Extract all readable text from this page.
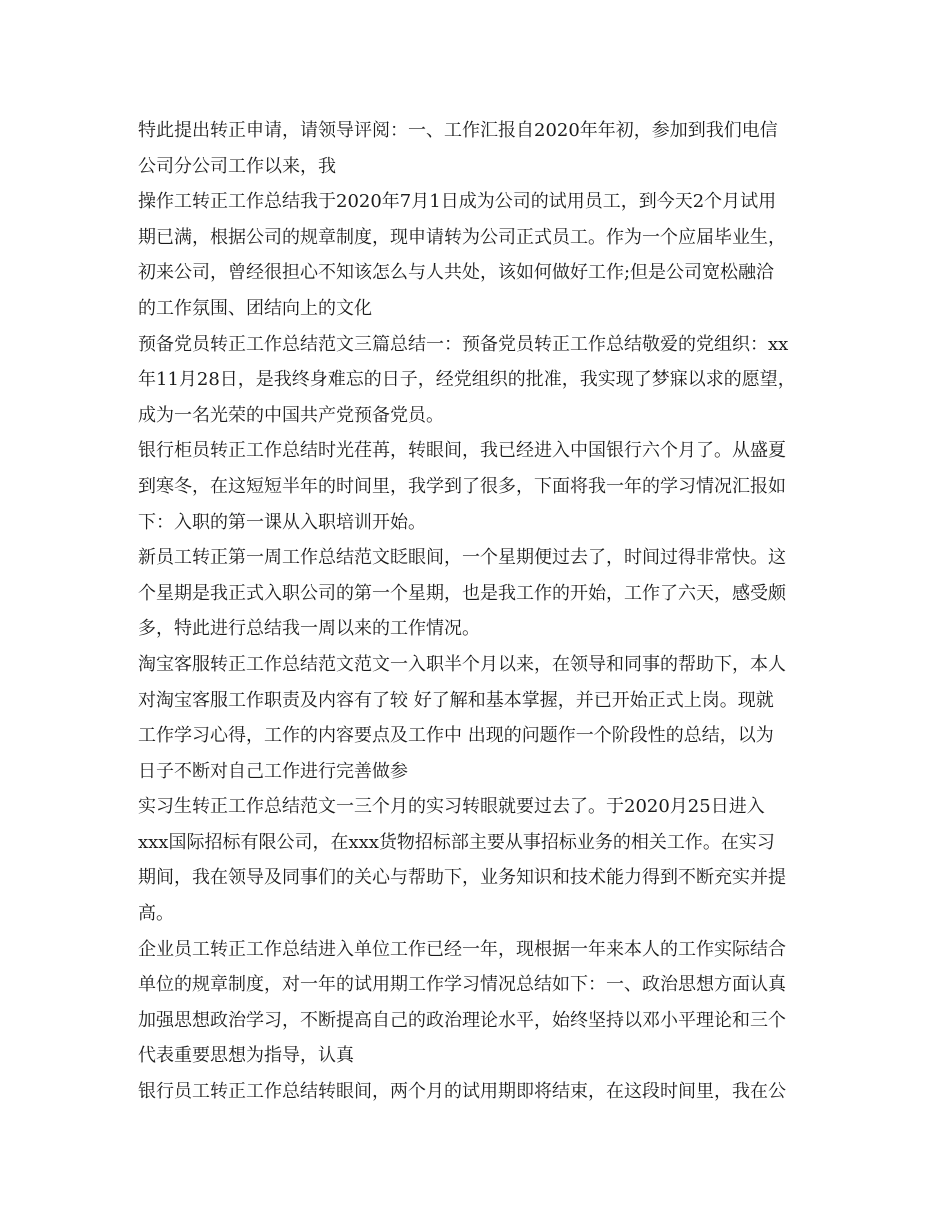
特此提出转正申请，请领导评阅：一、工作汇报自2020年年初，参加到我们电信
公司分公司工作以来，我
操作工转正工作总结我于2020年7月1日成为公司的试用员工，到今天2个月试用
期已满，根据公司的规章制度，现申请转为公司正式员工。作为一个应届毕业生，
初来公司，曾经很担心不知该怎么与人共处，该如何做好工作;但是公司宽松融洽
的工作氛围、团结向上的文化
预备党员转正工作总结范文三篇总结一：预备党员转正工作总结敬爱的党组织：xx
年11月28日，是我终身难忘的日子，经党组织的批准，我实现了梦寐以求的愿望，
成为一名光荣的中国共产党预备党员。
银行柜员转正工作总结时光荏苒，转眼间，我已经进入中国银行六个月了。从盛夏
到寒冬，在这短短半年的时间里，我学到了很多，下面将我一年的学习情况汇报如
下：入职的第一课从入职培训开始。
新员工转正第一周工作总结范文眨眼间，一个星期便过去了，时间过得非常快。这
个星期是我正式入职公司的第一个星期，也是我工作的开始，工作了六天，感受颇
多，特此进行总结我一周以来的工作情况。
淘宝客服转正工作总结范文范文一入职半个月以来，在领导和同事的帮助下，本人
对淘宝客服工作职责及内容有了较 好了解和基本掌握，并已开始正式上岗。现就
工作学习心得，工作的内容要点及工作中 出现的问题作一个阶段性的总结，以为
日子不断对自己工作进行完善做参
实习生转正工作总结范文一三个月的实习转眼就要过去了。于2020月25日进入
xxx国际招标有限公司，在xxx货物招标部主要从事招标业务的相关工作。在实习
期间，我在领导及同事们的关心与帮助下，业务知识和技术能力得到不断充实并提
高。
企业员工转正工作总结进入单位工作已经一年，现根据一年来本人的工作实际结合
单位的规章制度，对一年的试用期工作学习情况总结如下：一、政治思想方面认真
加强思想政治学习，不断提高自己的政治理论水平，始终坚持以邓小平理论和三个
代表重要思想为指导，认真
银行员工转正工作总结转眼间，两个月的试用期即将结束，在这段时间里，我在公
